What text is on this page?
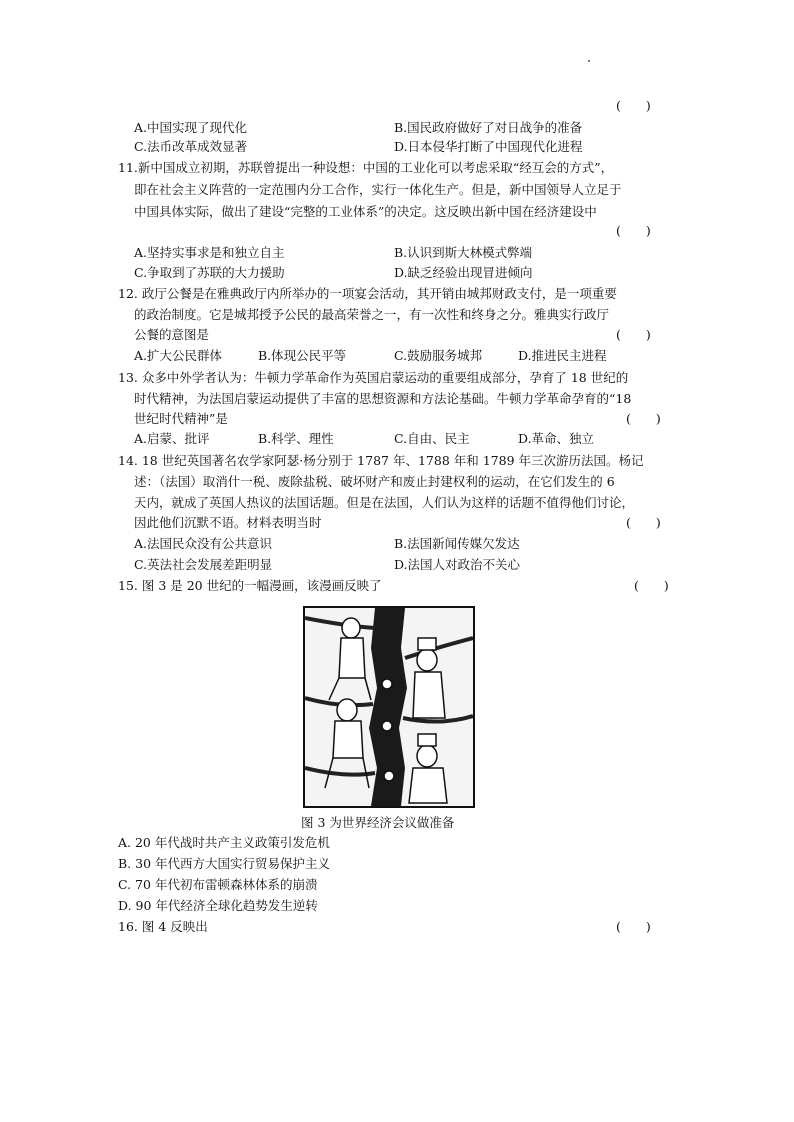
(　　)
A.中国实现了现代化	B.国民政府做好了对日战争的准备
C.法币改革成效显著	D.日本侵华打断了中国现代化进程
11.新中国成立初期，苏联曾提出一种设想：中国的工业化可以考虑采取“经互会的方式”，
即在社会主义阵营的一定范围内分工合作，实行一体化生产。但是，新中国领导人立足于
中国具体实际，做出了建设“完整的工业体系”的决定。这反映出新中国在经济建设中
(　　)
A.坚持实事求是和独立自主	B.认识到斯大林模式弊端
C.争取到了苏联的大力援助	D.缺乏经验出现冒进倾向
12. 政厅公餐是在雅典政厅内所举办的一项宴会活动，其开销由城邦财政支付，是一项重要
的政治制度。它是城邦授予公民的最高荣誉之一，有一次性和终身之分。雅典实行政厅
公餐的意图是	(　　)
A.扩大公民群体	B.体现公民平等	C.鼓励服务城邦	D.推进民主进程
13. 众多中外学者认为：牛顿力学革命作为英国启蒙运动的重要组成部分，孕育了 18 世纪的
时代精神，为法国启蒙运动提供了丰富的思想资源和方法论基础。牛顿力学革命孕育的“18
世纪时代精神”是	(　　)
A.启蒙、批评	B.科学、理性	C.自由、民主	D.革命、独立
14. 18 世纪英国著名农学家阿瑟·杨分别于 1787 年、1788 年和 1789 年三次游历法国。杨记
述：（法国）取消什一税、废除盐税、破坏财产和废止封建权利的运动，在它们发生的 6
天内，就成了英国人热议的法国话题。但是在法国，人们认为这样的话题不值得他们讨论，
因此他们沉默不语。材料表明当时	(　　)
A.法国民众没有公共意识	B.法国新闻传媒欠发达
C.英法社会发展差距明显	D.法国人对政治不关心
15. 图 3 是 20 世纪的一幅漫画，该漫画反映了	(　　)
图 3 为世界经济会议做准备
A. 20 年代战时共产主义政策引发危机
B. 30 年代西方大国实行贸易保护主义
C. 70 年代初布雷顿森林体系的崩溃
D. 90 年代经济全球化趋势发生逆转
16. 图 4 反映出	(　　)
